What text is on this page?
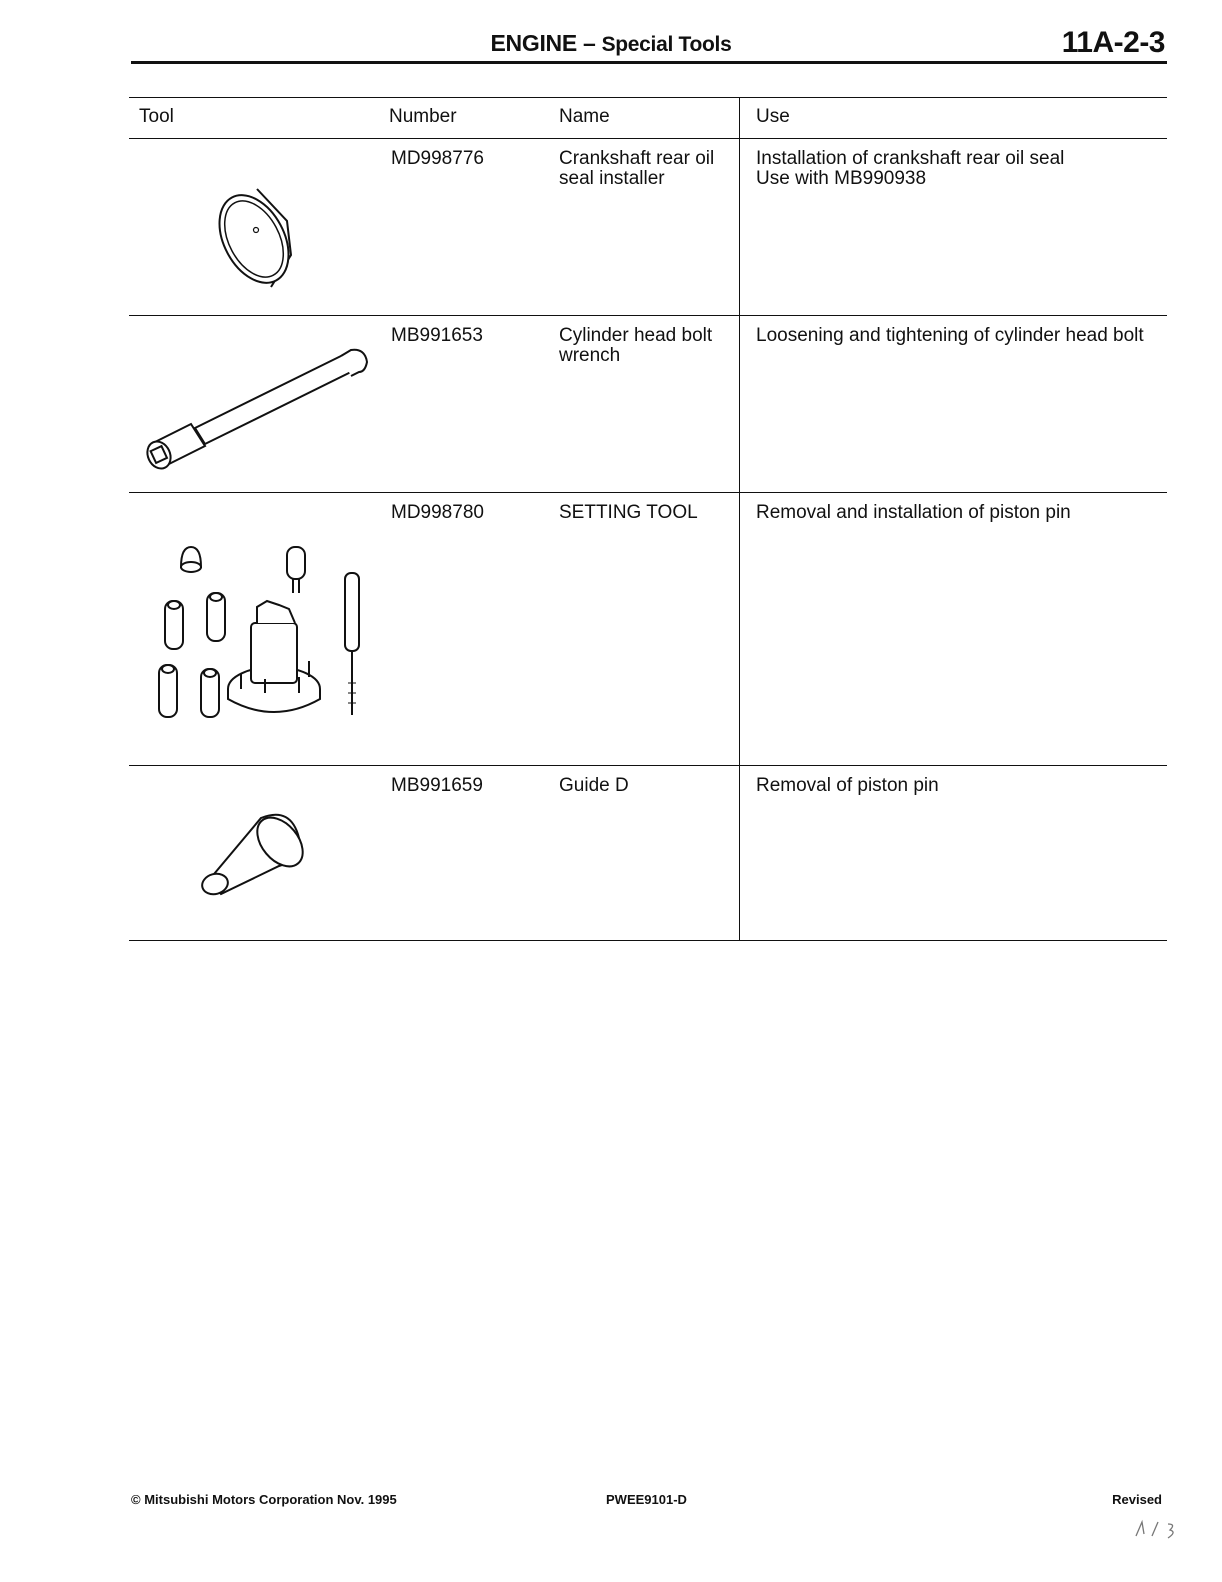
ENGINE – Special Tools	11A-2-3
Tool	Number	Name	Use

	MD998776	Crankshaft rear oil seal installer	Installation of crankshaft rear oil seal
Use with MB990938

	MB991653	Cylinder head bolt wrench	Loosening and tightening of cylinder head bolt

	MD998780	SETTING TOOL	Removal and installation of piston pin

	MB991659	Guide D	Removal of piston pin
© Mitsubishi Motors Corporation Nov. 1995	PWEE9101-D	Revised
